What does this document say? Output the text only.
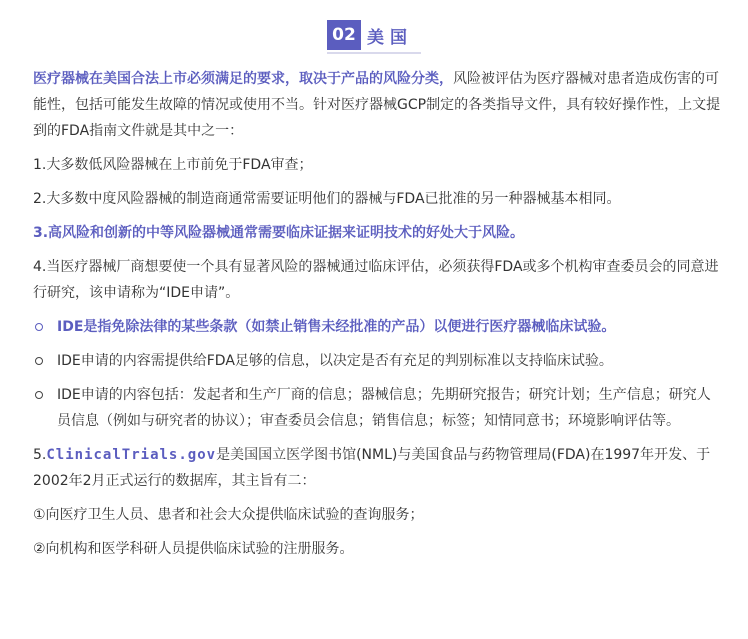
02 美国

医疗器械在美国合法上市必须满足的要求，取决于产品的风险分类，风险被评估为医疗器械对患者造成伤害的可能性，包括可能发生故障的情况或使用不当。针对医疗器械GCP制定的各类指导文件，具有较好操作性，上文提到的FDA指南文件就是其中之一：

1.大多数低风险器械在上市前免于FDA审查；

2.大多数中度风险器械的制造商通常需要证明他们的器械与FDA已批准的另一种器械基本相同。

3.高风险和创新的中等风险器械通常需要临床证据来证明技术的好处大于风险。

4.当医疗器械厂商想要使一个具有显著风险的器械通过临床评估，必须获得FDA或多个机构审查委员会的同意进行研究，该申请称为“IDE申请”。

IDE是指免除法律的某些条款（如禁止销售未经批准的产品）以便进行医疗器械临床试验。
IDE申请的内容需提供给FDA足够的信息，以决定是否有充足的判别标准以支持临床试验。
IDE申请的内容包括：发起者和生产厂商的信息；器械信息；先期研究报告；研究计划；生产信息；研究人员信息（例如与研究者的协议）；审查委员会信息；销售信息；标签；知情同意书；环境影响评估等。

5.ClinicalTrials.gov是美国国立医学图书馆(NML)与美国食品与药物管理局(FDA)在1997年开发、于2002年2月正式运行的数据库，其主旨有二：

①向医疗卫生人员、患者和社会大众提供临床试验的查询服务；

②向机构和医学科研人员提供临床试验的注册服务。
